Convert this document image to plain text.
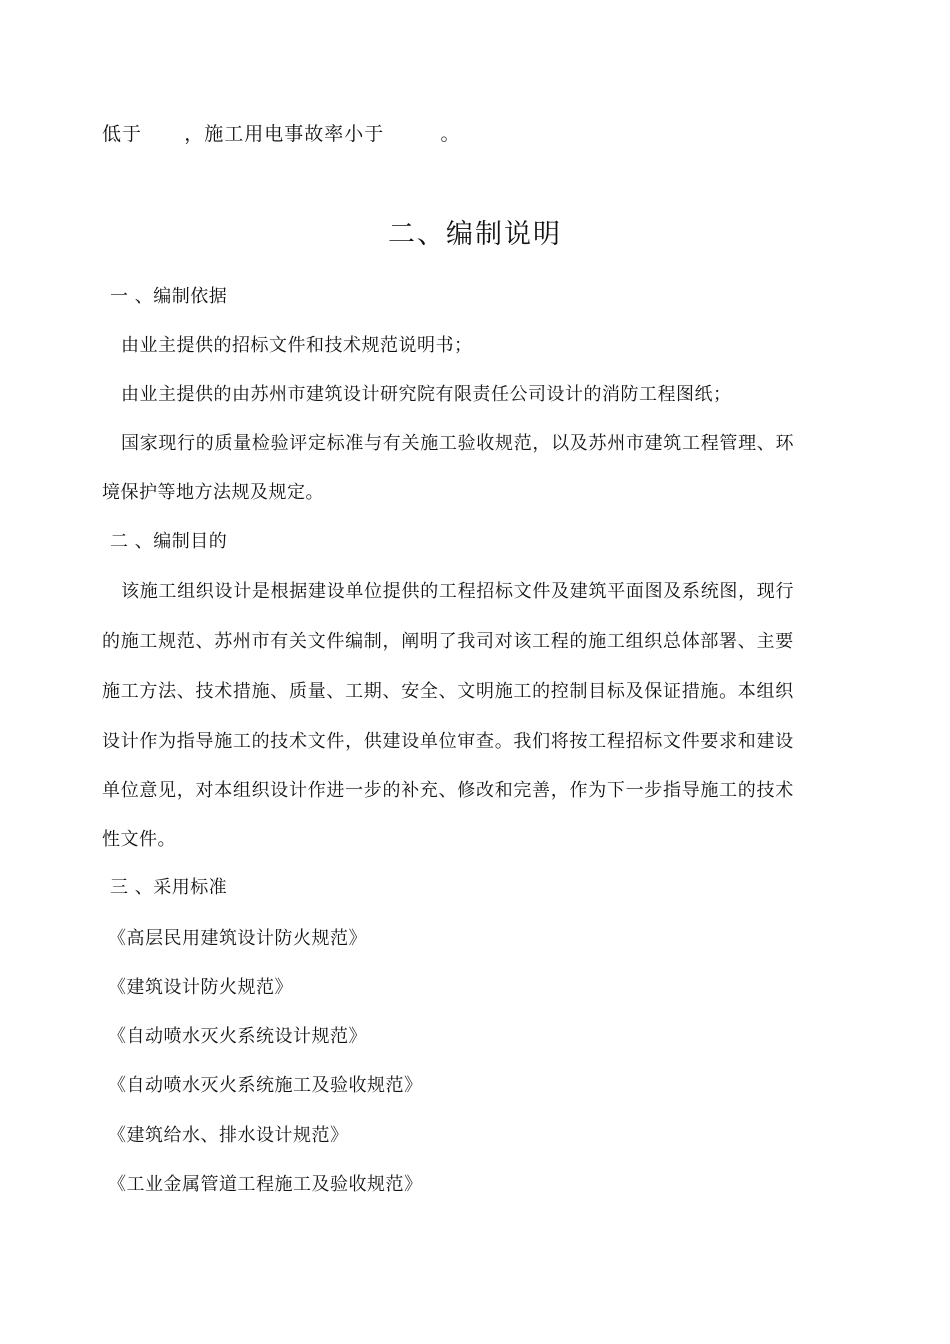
低于      ，施工用电事故率小于        。
二、编制说明
一 、编制依据
由业主提供的招标文件和技术规范说明书；
由业主提供的由苏州市建筑设计研究院有限责任公司设计的消防工程图纸；
国家现行的质量检验评定标准与有关施工验收规范，以及苏州市建筑工程管理、环
境保护等地方法规及规定。
二 、编制目的
该施工组织设计是根据建设单位提供的工程招标文件及建筑平面图及系统图，现行
的施工规范、苏州市有关文件编制，阐明了我司对该工程的施工组织总体部署、主要
施工方法、技术措施、质量、工期、安全、文明施工的控制目标及保证措施。本组织
设计作为指导施工的技术文件，供建设单位审查。我们将按工程招标文件要求和建设
单位意见，对本组织设计作进一步的补充、修改和完善，作为下一步指导施工的技术
性文件。
三 、采用标准
《高层民用建筑设计防火规范》
《建筑设计防火规范》
《自动喷水灭火系统设计规范》
《自动喷水灭火系统施工及验收规范》
《建筑给水、排水设计规范》
《工业金属管道工程施工及验收规范》
